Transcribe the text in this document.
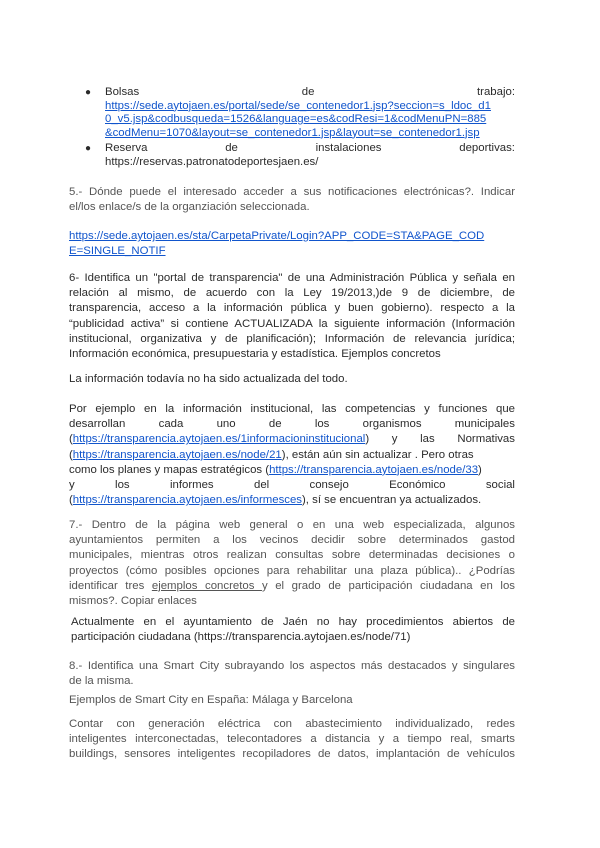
● Bolsas	de	trabajo:
https://sede.aytojaen.es/portal/sede/se_contenedor1.jsp?seccion=s_ldoc_d1
0_v5.jsp&codbusqueda=1526&language=es&codResi=1&codMenuPN=885
&codMenu=1070&layout=se_contenedor1.jsp&layout=se_contenedor1.jsp
● Reserva	de	instalaciones	deportivas:
https://reservas.patronatodeportesjaen.es/
5.- Dónde puede el interesado acceder a sus notificaciones electrónicas?. Indicar
el/los enlace/s de la organziación seleccionada.
https://sede.aytojaen.es/sta/CarpetaPrivate/Login?APP_CODE=STA&PAGE_COD
E=SINGLE_NOTIF
6- Identifica un "portal de transparencia" de una Administración Pública y señala en
relación al mismo, de acuerdo con la Ley 19/2013,)de 9 de diciembre, de
transparencia, acceso a la información pública y buen gobierno). respecto a la
“publicidad activa” si contiene ACTUALIZADA la siguiente información (Información
institucional, organizativa y de planificación); Información de relevancia jurídica;
Información económica, presupuestaria y estadística. Ejemplos concretos
La información todavía no ha sido actualizada del todo.
Por ejemplo en la información institucional, las competencias y funciones que
desarrollan	cada	uno	de	los	organismos	municipales
(https://transparencia.aytojaen.es/1informacioninstitucional) y las Normativas
(https://transparencia.aytojaen.es/node/21), están aún sin actualizar . Pero otras
como los planes y mapas estratégicos (https://transparencia.aytojaen.es/node/33)
y	los	informes	del	consejo	Económico	social
(https://transparencia.aytojaen.es/informesces), sí se encuentran ya actualizados.
7.- Dentro de la página web general o en una web especializada, algunos
ayuntamientos permiten a los vecinos decidir sobre determinados gastod
municipales, mientras otros realizan consultas sobre determinadas decisiones o
proyectos (cómo posibles opciones para rehabilitar una plaza pública).. ¿Podrías
identificar tres ejemplos concretos y el grado de participación ciudadana en los
mismos?. Copiar enlaces
Actualmente en el ayuntamiento de Jaén no hay procedimientos abiertos de
participación ciudadana (https://transparencia.aytojaen.es/node/71)
8.- Identifica una Smart City subrayando los aspectos más destacados y singulares
de la misma.
Ejemplos de Smart City en España: Málaga y Barcelona
Contar con generación eléctrica con abastecimiento individualizado, redes
inteligentes interconectadas, telecontadores a distancia y a tiempo real, smarts
buildings, sensores inteligentes recopiladores de datos, implantación de vehículos
